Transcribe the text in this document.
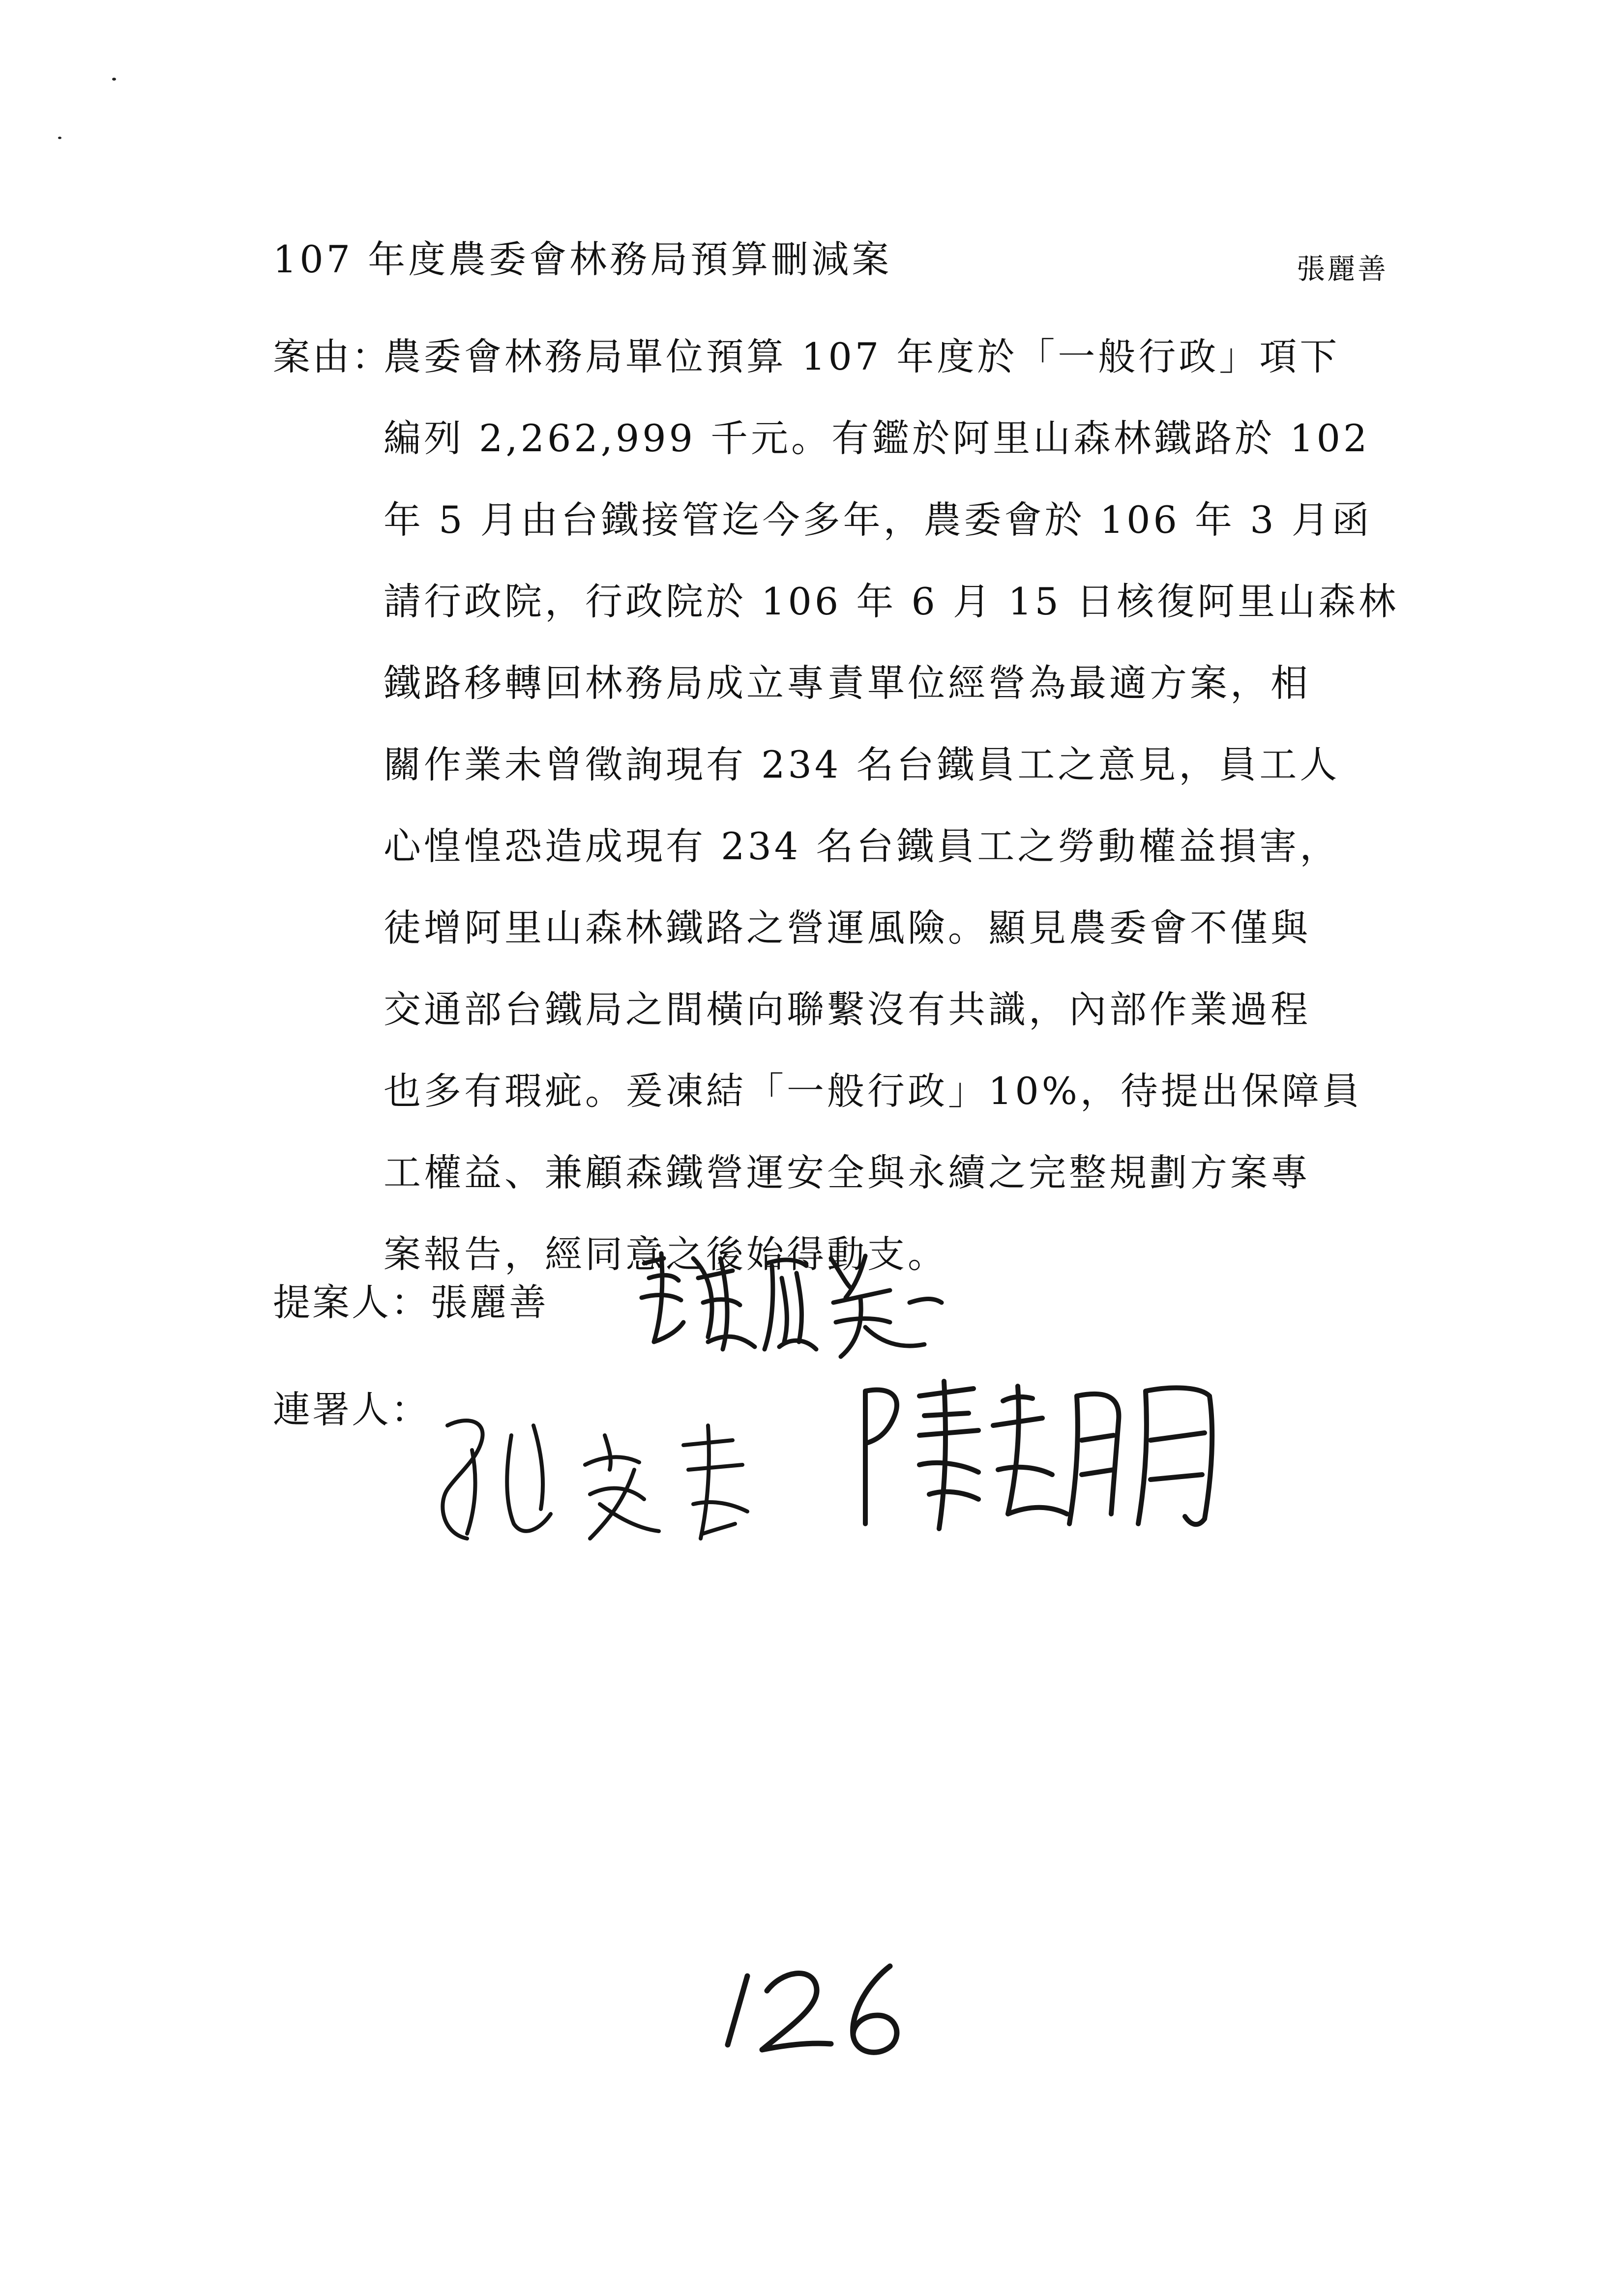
107 年度農委會林務局預算刪減案	張麗善
案由：
農委會林務局單位預算 107 年度於「一般行政」項下
編列 2,262,999 千元。有鑑於阿里山森林鐵路於 102
年 5 月由台鐵接管迄今多年，農委會於 106 年 3 月函
請行政院，行政院於 106 年 6 月 15 日核復阿里山森林
鐵路移轉回林務局成立專責單位經營為最適方案，相
關作業未曾徵詢現有 234 名台鐵員工之意見，員工人
心惶惶恐造成現有 234 名台鐵員工之勞動權益損害，
徒增阿里山森林鐵路之營運風險。顯見農委會不僅與
交通部台鐵局之間橫向聯繫沒有共識，內部作業過程
也多有瑕疵。爰凍結「一般行政」10%，待提出保障員
工權益、兼顧森鐵營運安全與永續之完整規劃方案專
案報告，經同意之後始得動支。
提案人：張麗善
連署人：
